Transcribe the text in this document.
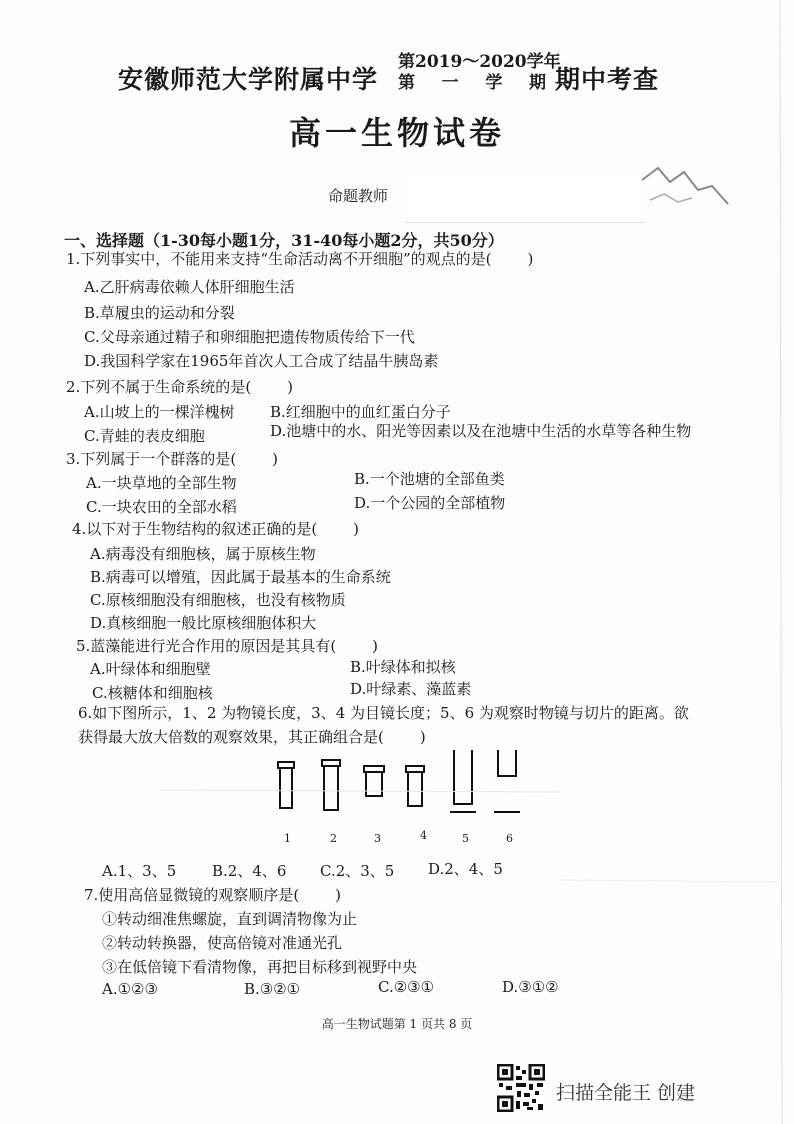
安徽师范大学附属中学
第2019～2020学年
第 一 学 期 期中考查
高一生物试卷
命题教师
一、选择题（1-30每小题1分，31-40每小题2分，共50分）
1.下列事实中，不能用来支持“生命活动离不开细胞”的观点的是( )
A.乙肝病毒依赖人体肝细胞生活
B.草履虫的运动和分裂
C.父母亲通过精子和卵细胞把遗传物质传给下一代
D.我国科学家在1965年首次人工合成了结晶牛胰岛素
2.下列不属于生命系统的是( )
A.山坡上的一棵洋槐树 B.红细胞中的血红蛋白分子
C.青蛙的表皮细胞	D.池塘中的水、阳光等因素以及在池塘中生活的水草等各种生物
3.下列属于一个群落的是( )
A.一块草地的全部生物	B.一个池塘的全部鱼类
C.一块农田的全部水稻	D.一个公园的全部植物
4.以下对于生物结构的叙述正确的是( )
A.病毒没有细胞核，属于原核生物
B.病毒可以增殖，因此属于最基本的生命系统
C.原核细胞没有细胞核，也没有核物质
D.真核细胞一般比原核细胞体积大
5.蓝藻能进行光合作用的原因是其具有( )
A.叶绿体和细胞壁	B.叶绿体和拟核
C.核糖体和细胞核	D.叶绿素、藻蓝素
6.如下图所示，1、2 为物镜长度，3、4 为目镜长度；5、6 为观察时物镜与切片的距离。欲
获得最大放大倍数的观察效果，其正确组合是( )
1	2	3	4	5	6
A.1、3、5 B.2、4、6 C.2、3、5 D.2、4、5
7.使用高倍显微镜的观察顺序是( )
①转动细准焦螺旋，直到调清物像为止
②转动转换器，使高倍镜对准通光孔
③在低倍镜下看清物像，再把目标移到视野中央
A.①②③	B.③②①	C.②③①	D.③①②
高一生物试题第 1 页共 8 页
扫描全能王 创建
